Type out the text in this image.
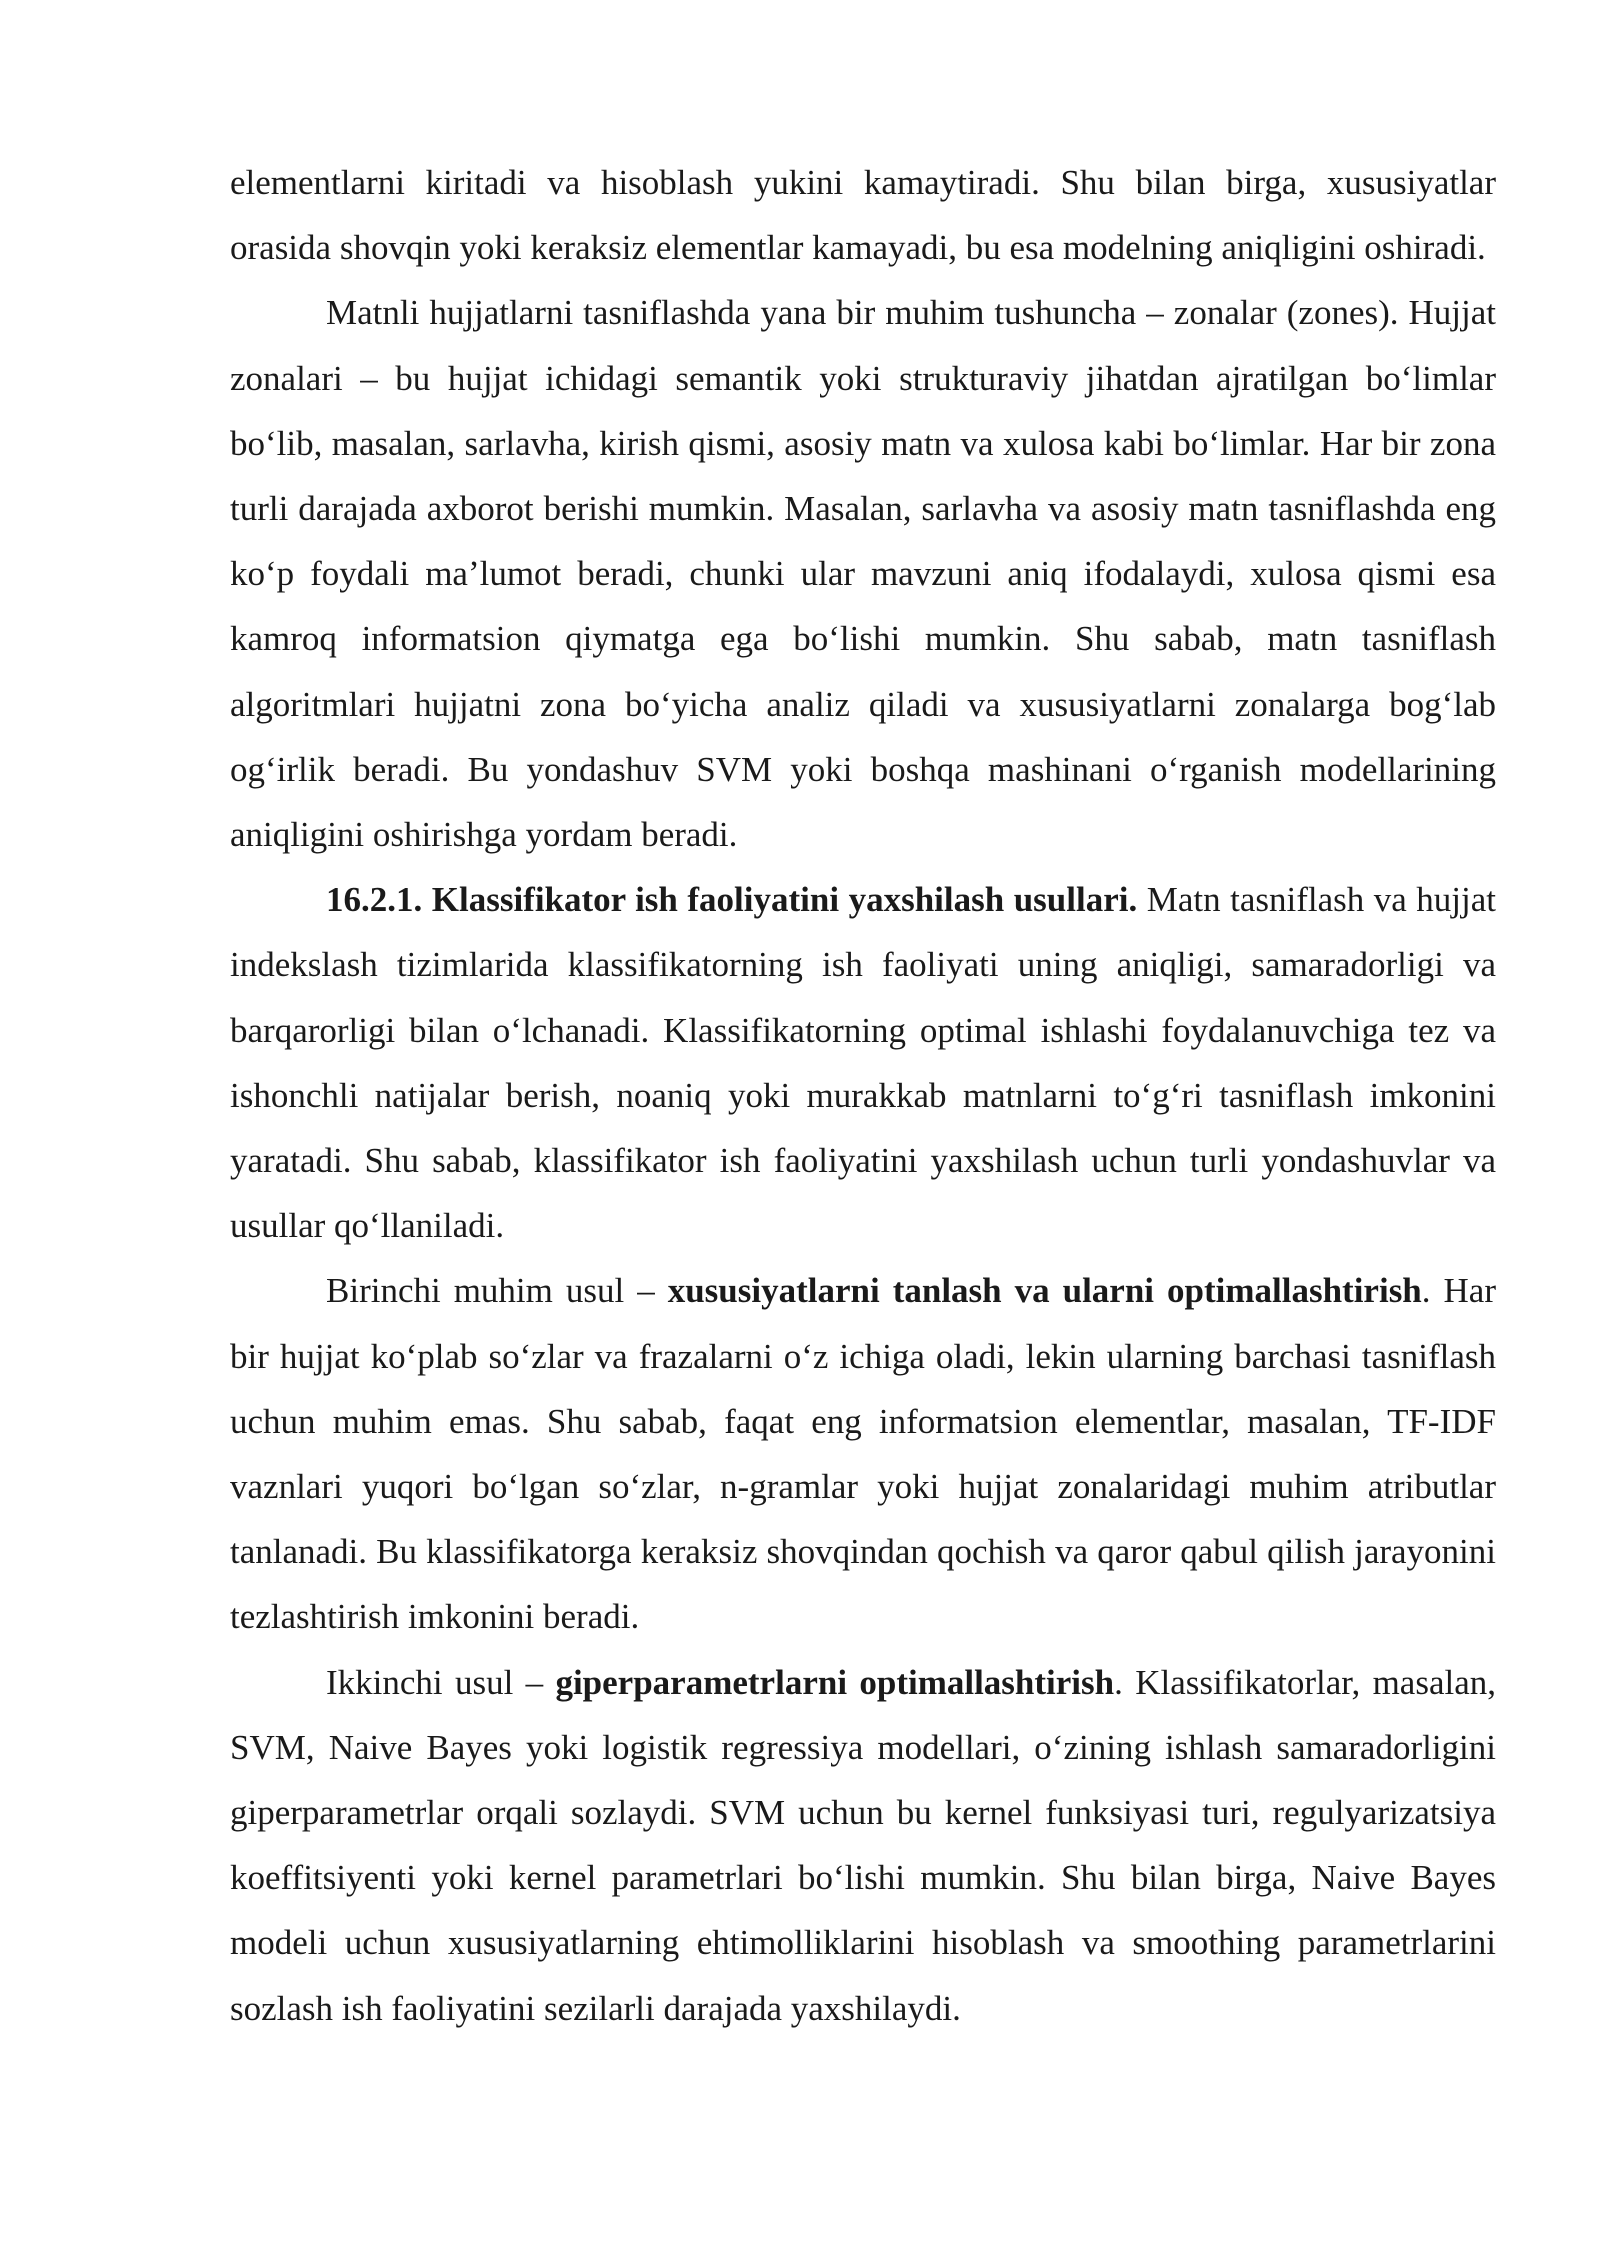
elementlarni kiritadi va hisoblash yukini kamaytiradi. Shu bilan birga, xususiyatlar orasida shovqin yoki keraksiz elementlar kamayadi, bu esa modelning aniqligini oshiradi.

Matnli hujjatlarni tasniflashda yana bir muhim tushuncha – zonalar (zones). Hujjat zonalari – bu hujjat ichidagi semantik yoki strukturaviy jihatdan ajratilgan boʻlimlar boʻlib, masalan, sarlavha, kirish qismi, asosiy matn va xulosa kabi boʻlimlar. Har bir zona turli darajada axborot berishi mumkin. Masalan, sarlavha va asosiy matn tasniflashda eng koʻp foydali maʼlumot beradi, chunki ular mavzuni aniq ifodalaydi, xulosa qismi esa kamroq informatsion qiymatga ega boʻlishi mumkin. Shu sabab, matn tasniflash algoritmlari hujjatni zona boʻyicha analiz qiladi va xususiyatlarni zonalarga bogʻlab ogʻirlik beradi. Bu yondashuv SVM yoki boshqa mashinani oʻrganish modellarining aniqligini oshirishga yordam beradi.

16.2.1. Klassifikator ish faoliyatini yaxshilash usullari. Matn tasniflash va hujjat indekslash tizimlarida klassifikatorning ish faoliyati uning aniqligi, samaradorligi va barqarorligi bilan oʻlchanadi. Klassifikatorning optimal ishlashi foydalanuvchiga tez va ishonchli natijalar berish, noaniq yoki murakkab matnlarni toʻgʻri tasniflash imkonini yaratadi. Shu sabab, klassifikator ish faoliyatini yaxshilash uchun turli yondashuvlar va usullar qoʻllaniladi.

Birinchi muhim usul – xususiyatlarni tanlash va ularni optimallashtirish. Har bir hujjat koʻplab soʻzlar va frazalarni oʻz ichiga oladi, lekin ularning barchasi tasniflash uchun muhim emas. Shu sabab, faqat eng informatsion elementlar, masalan, TF-IDF vaznlari yuqori boʻlgan soʻzlar, n-gramlar yoki hujjat zonalaridagi muhim atributlar tanlanadi. Bu klassifikatorga keraksiz shovqindan qochish va qaror qabul qilish jarayonini tezlashtirish imkonini beradi.

Ikkinchi usul – giperparametrlarni optimallashtirish. Klassifikatorlar, masalan, SVM, Naive Bayes yoki logistik regressiya modellari, oʻzining ishlash samaradorligini giperparametrlar orqali sozlaydi. SVM uchun bu kernel funksiyasi turi, regulyarizatsiya koeffitsiyenti yoki kernel parametrlari boʻlishi mumkin. Shu bilan birga, Naive Bayes modeli uchun xususiyatlarning ehtimolliklarini hisoblash va smoothing parametrlarini sozlash ish faoliyatini sezilarli darajada yaxshilaydi.
